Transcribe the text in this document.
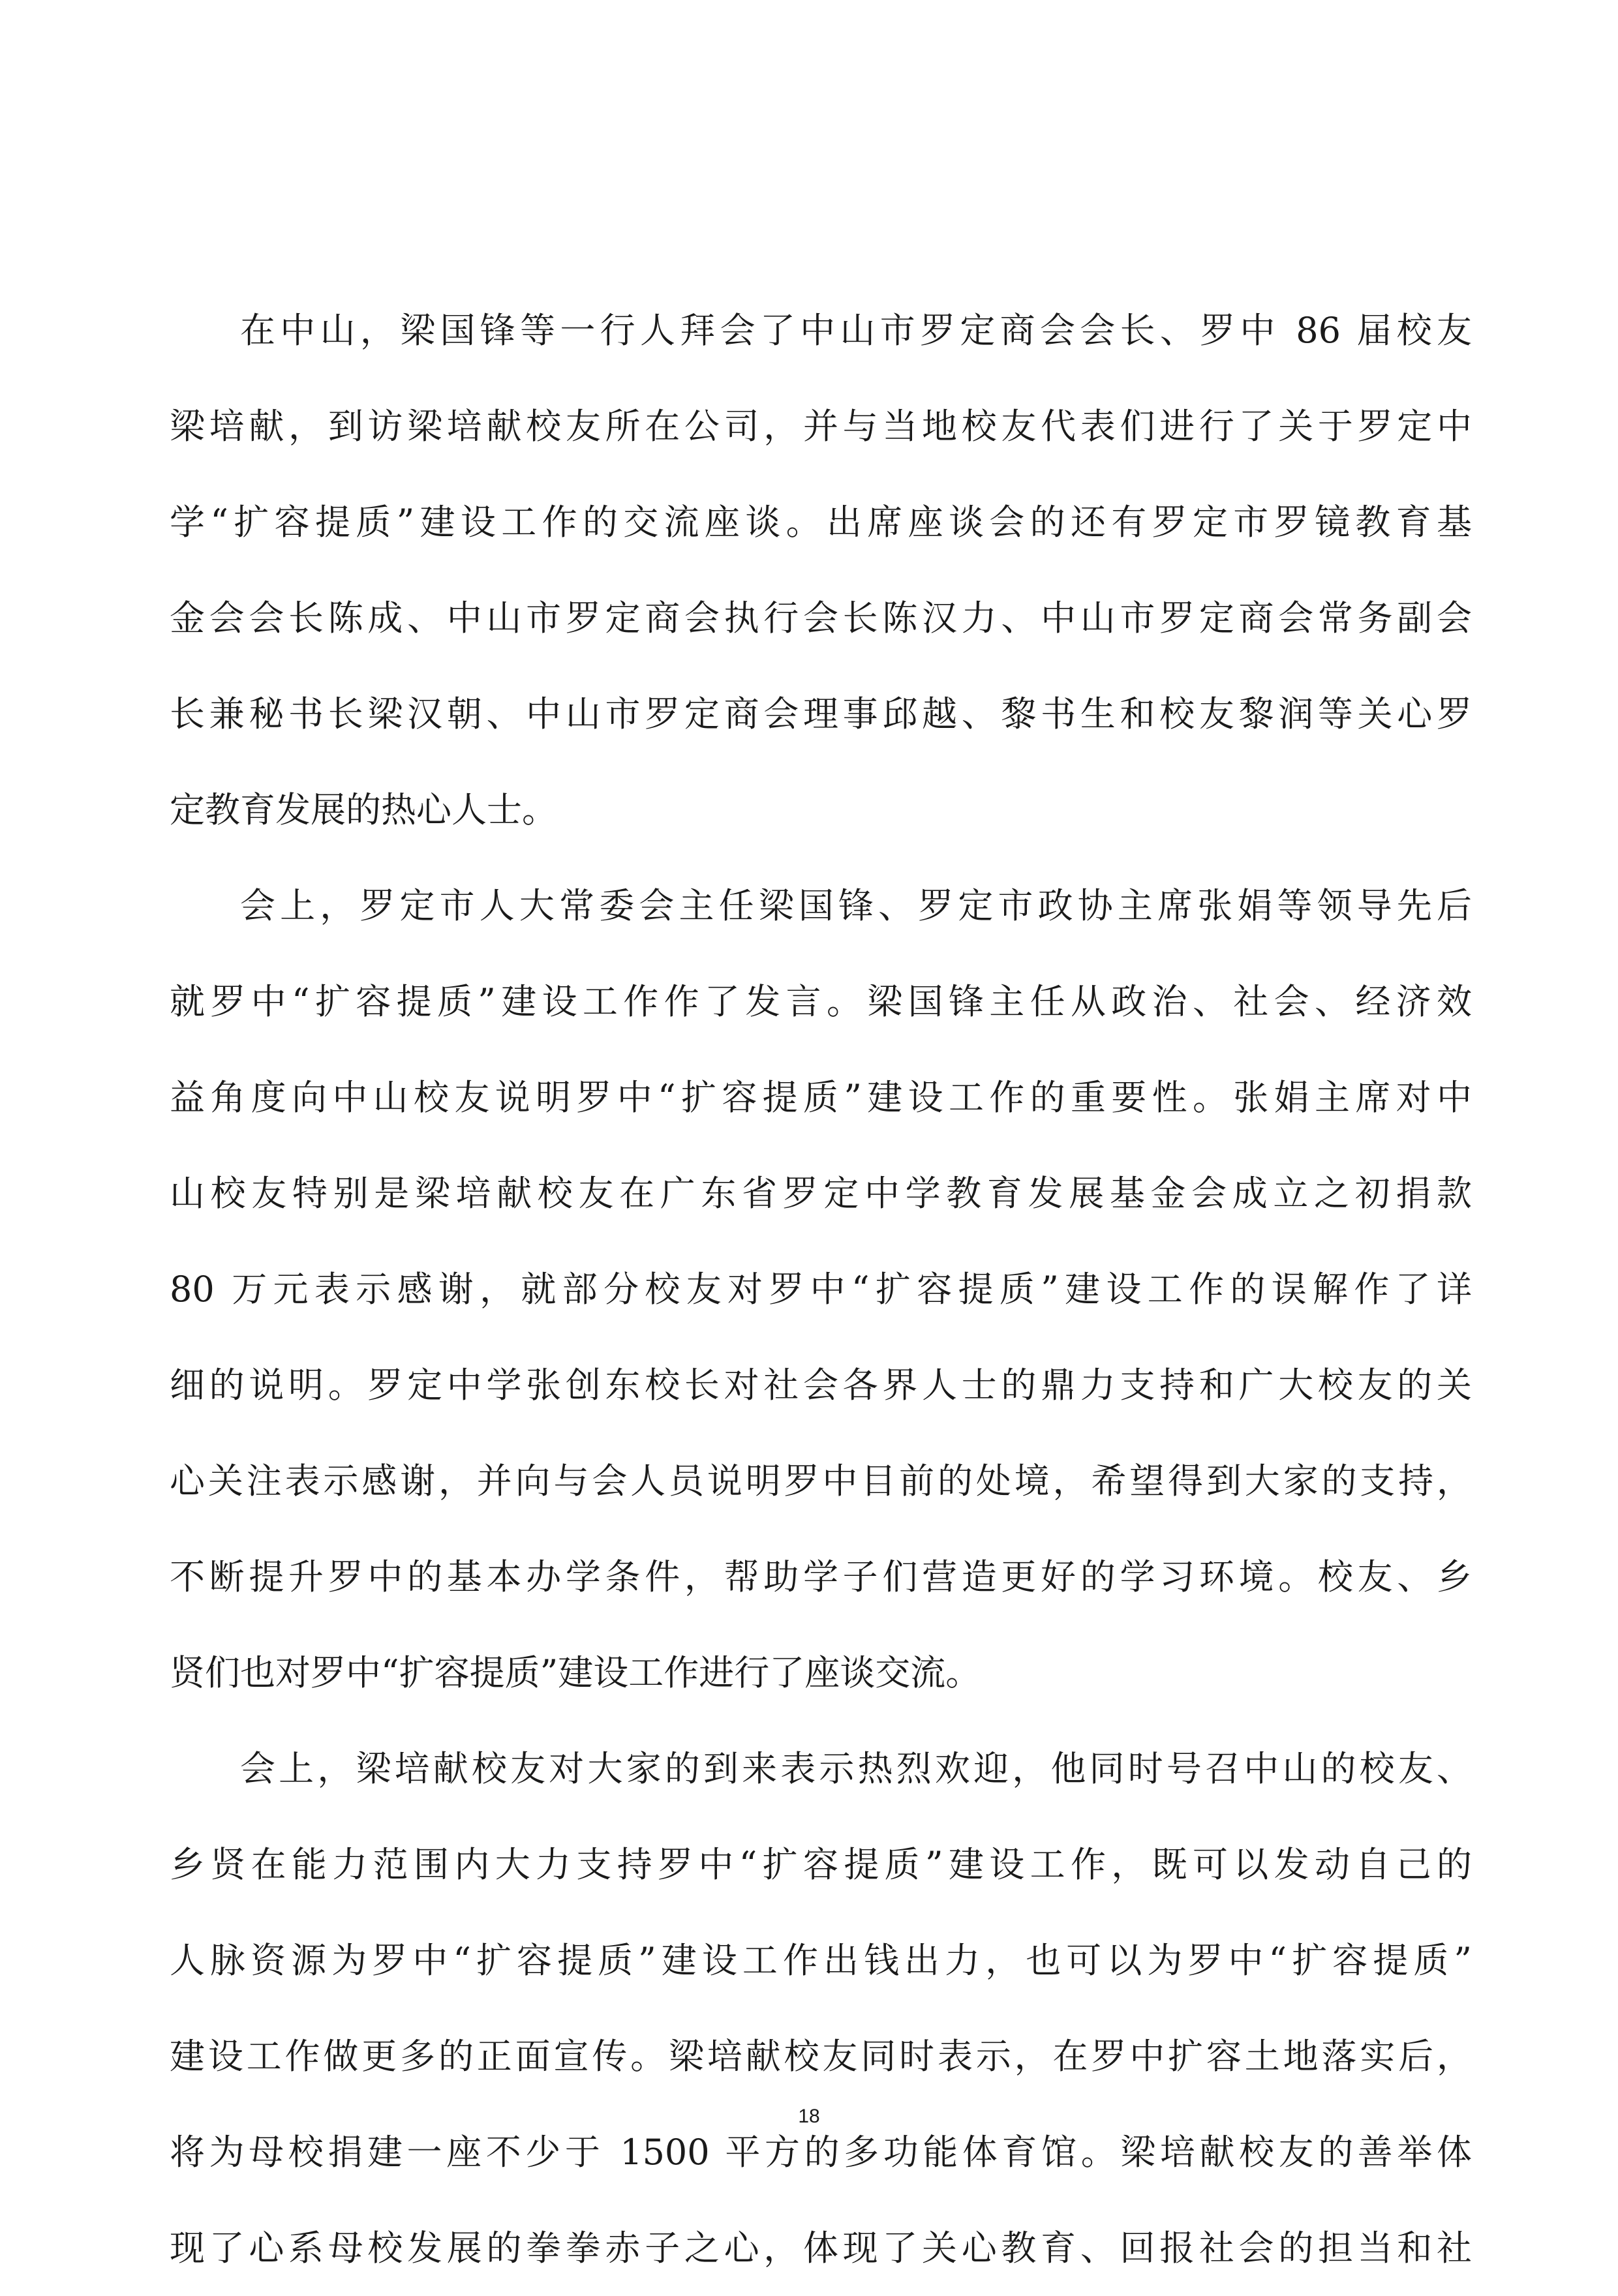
在中山，梁国锋等一行人拜会了中山市罗定商会会长、罗中 86 届校友
梁培献，到访梁培献校友所在公司，并与当地校友代表们进行了关于罗定中
学“扩容提质”建设工作的交流座谈。出席座谈会的还有罗定市罗镜教育基
金会会长陈成、中山市罗定商会执行会长陈汉力、中山市罗定商会常务副会
长兼秘书长梁汉朝、中山市罗定商会理事邱越、黎书生和校友黎润等关心罗
定教育发展的热心人士。
会上，罗定市人大常委会主任梁国锋、罗定市政协主席张娟等领导先后
就罗中“扩容提质”建设工作作了发言。梁国锋主任从政治、社会、经济效
益角度向中山校友说明罗中“扩容提质”建设工作的重要性。张娟主席对中
山校友特别是梁培献校友在广东省罗定中学教育发展基金会成立之初捐款
80 万元表示感谢，就部分校友对罗中“扩容提质”建设工作的误解作了详
细的说明。罗定中学张创东校长对社会各界人士的鼎力支持和广大校友的关
心关注表示感谢，并向与会人员说明罗中目前的处境，希望得到大家的支持，
不断提升罗中的基本办学条件，帮助学子们营造更好的学习环境。校友、乡
贤们也对罗中“扩容提质”建设工作进行了座谈交流。
会上，梁培献校友对大家的到来表示热烈欢迎，他同时号召中山的校友、
乡贤在能力范围内大力支持罗中“扩容提质”建设工作，既可以发动自己的
人脉资源为罗中“扩容提质”建设工作出钱出力，也可以为罗中“扩容提质”
建设工作做更多的正面宣传。梁培献校友同时表示，在罗中扩容土地落实后，
将为母校捐建一座不少于 1500 平方的多功能体育馆。梁培献校友的善举体
现了心系母校发展的拳拳赤子之心，体现了关心教育、回报社会的担当和社
18
